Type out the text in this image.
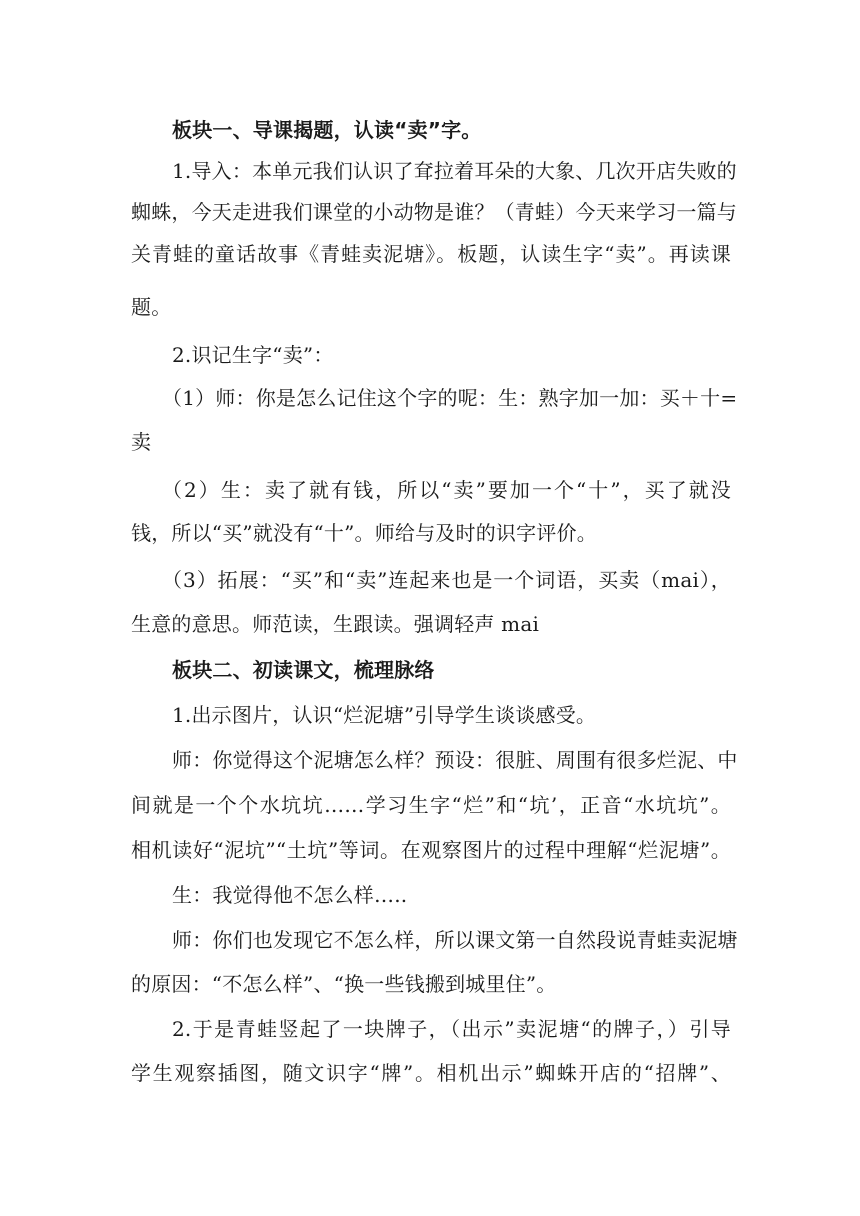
板块一、导课揭题，认读“卖”字。
1.导入：本单元我们认识了耷拉着耳朵的大象、几次开店失败的
蜘蛛，今天走进我们课堂的小动物是谁？（青蛙）今天来学习一篇与
关青蛙的童话故事《青蛙卖泥塘》。板题，认读生字“卖”。再读课
题。
2.识记生字“卖”：
（1）师：你是怎么记住这个字的呢：生：熟字加一加：买＋十=
卖
（2）生：卖了就有钱，所以“卖”要加一个“十”，买了就没
钱，所以“买”就没有“十”。师给与及时的识字评价。
（3）拓展：“买”和“卖”连起来也是一个词语，买卖（mai），
生意的意思。师范读，生跟读。强调轻声 mai
板块二、初读课文，梳理脉络
1.出示图片，认识“烂泥塘”引导学生谈谈感受。
师：你觉得这个泥塘怎么样？预设：很脏、周围有很多烂泥、中
间就是一个个水坑坑……学习生字“烂”和“坑’，正音“水坑坑”。
相机读好“泥坑”“土坑”等词。在观察图片的过程中理解“烂泥塘”。
生：我觉得他不怎么样…..
师：你们也发现它不怎么样，所以课文第一自然段说青蛙卖泥塘
的原因：“不怎么样”、“换一些钱搬到城里住”。
2.于是青蛙竖起了一块牌子，（出示”卖泥塘“的牌子，）引导
学生观察插图，随文识字“牌”。相机出示”蜘蛛开店的“招牌”、
